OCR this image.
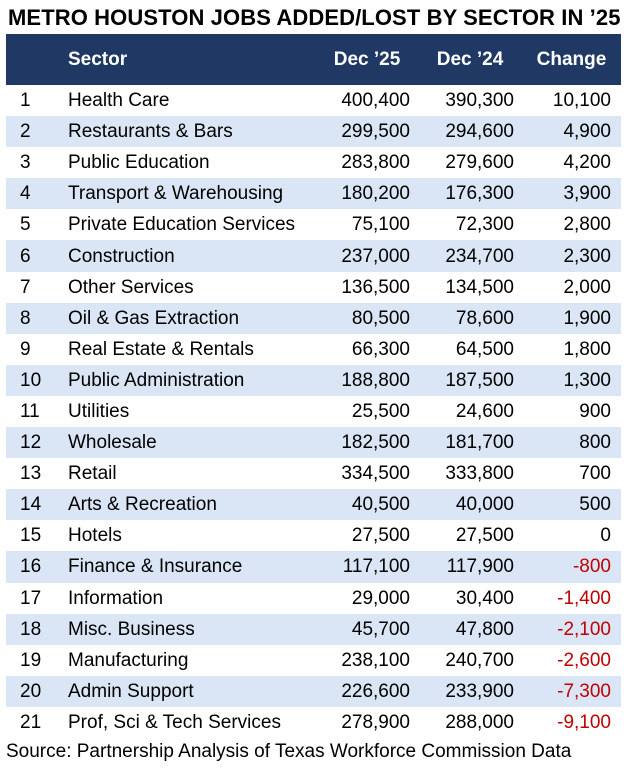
METRO HOUSTON JOBS ADDED/LOST BY SECTOR IN ’25
	Sector	Dec ’25	Dec ’24	Change
1	Health Care	400,400	390,300	10,100
2	Restaurants & Bars	299,500	294,600	4,900
3	Public Education	283,800	279,600	4,200
4	Transport & Warehousing	180,200	176,300	3,900
5	Private Education Services	75,100	72,300	2,800
6	Construction	237,000	234,700	2,300
7	Other Services	136,500	134,500	2,000
8	Oil & Gas Extraction	80,500	78,600	1,900
9	Real Estate & Rentals	66,300	64,500	1,800
10	Public Administration	188,800	187,500	1,300
11	Utilities	25,500	24,600	900
12	Wholesale	182,500	181,700	800
13	Retail	334,500	333,800	700
14	Arts & Recreation	40,500	40,000	500
15	Hotels	27,500	27,500	0
16	Finance & Insurance	117,100	117,900	-800
17	Information	29,000	30,400	-1,400
18	Misc. Business	45,700	47,800	-2,100
19	Manufacturing	238,100	240,700	-2,600
20	Admin Support	226,600	233,900	-7,300
21	Prof, Sci & Tech Services	278,900	288,000	-9,100
Source: Partnership Analysis of Texas Workforce Commission Data
